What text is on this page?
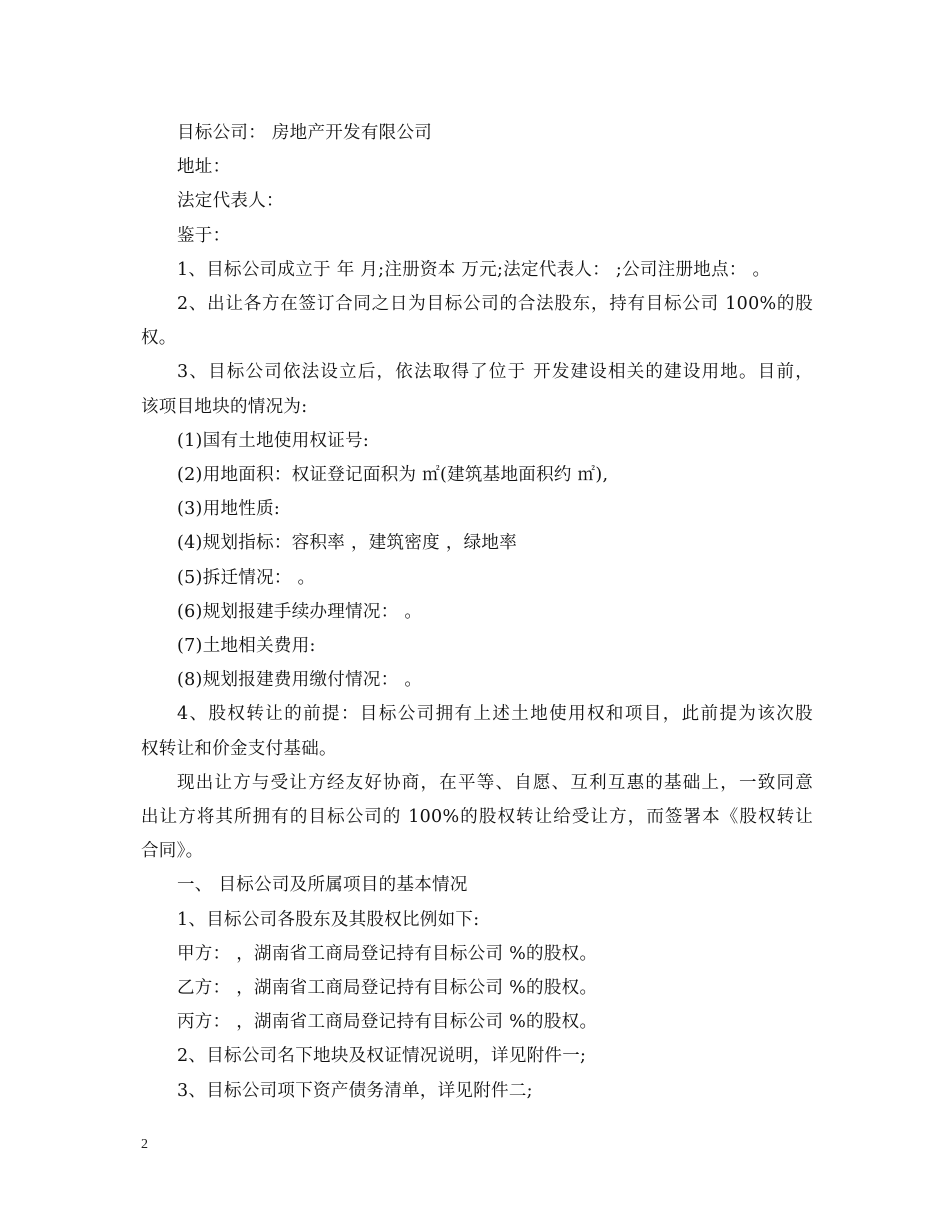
目标公司： 房地产开发有限公司
地址：
法定代表人：
鉴于：
1、目标公司成立于 年 月;注册资本 万元;法定代表人： ;公司注册地点： 。
2、出让各方在签订合同之日为目标公司的合法股东，持有目标公司 100%的股
权。
3、目标公司依法设立后，依法取得了位于 开发建设相关的建设用地。目前，
该项目地块的情况为:
(1)国有土地使用权证号:
(2)用地面积：权证登记面积为 ㎡(建筑基地面积约 ㎡),
(3)用地性质:
(4)规划指标：容积率 ，建筑密度 ，绿地率
(5)拆迁情况： 。
(6)规划报建手续办理情况： 。
(7)土地相关费用:
(8)规划报建费用缴付情况： 。
4、股权转让的前提：目标公司拥有上述土地使用权和项目，此前提为该次股
权转让和价金支付基础。
现出让方与受让方经友好协商，在平等、自愿、互利互惠的基础上，一致同意
出让方将其所拥有的目标公司的 100%的股权转让给受让方，而签署本《股权转让
合同》。
一、 目标公司及所属项目的基本情况
1、目标公司各股东及其股权比例如下:
甲方： ，湖南省工商局登记持有目标公司 %的股权。
乙方： ，湖南省工商局登记持有目标公司 %的股权。
丙方： ，湖南省工商局登记持有目标公司 %的股权。
2、目标公司名下地块及权证情况说明，详见附件一;
3、目标公司项下资产债务清单，详见附件二;
2
